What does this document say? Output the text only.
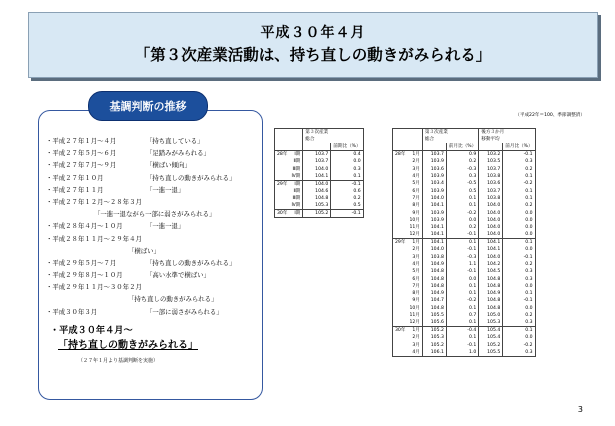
平成３０年４月
「第３次産業活動は、持ち直しの動きがみられる」
基調判断の推移
・平成２７年１月～４月	「持ち直している」
・平成２７年５月～６月	「足踏みがみられる」
・平成２７年７月～９月	「横ばい傾向」
・平成２７年１０月	「持ち直しの動きがみられる」
・平成２７年１１月	「一進一退」
・平成２７年１２月～２８年３月
「一進一退ながら一部に弱さがみられる」
・平成２８年４月～１０月	「一進一退」
・平成２８年１１月～２９年４月
「横ばい」
・平成２９年５月～７月	「持ち直しの動きがみられる」
・平成２９年８月～１０月	「高い水準で横ばい」
・平成２９年１１月～３０年２月
「持ち直しの動きがみられる」
・平成３０年３月	「一部に弱さがみられる」
・平成３０年４月～
「持ち直しの動きがみられる」
（２７年１月より基調判断を実施）
（平成22年＝100、季節調整済）
		第３次産業		
		総合		
			前期比（%）	
28年	Ⅰ期	103.7		0.4
	Ⅱ期	103.7		0.0
	Ⅲ期	104.0		0.3
	Ⅳ期	104.1		0.1
29年	Ⅰ期	104.0		-0.1
	Ⅱ期	104.6		0.6
	Ⅲ期	104.8		0.2
	Ⅳ期	105.3		0.5
30年	Ⅰ期	105.2		-0.1
		第３次産業			後方３か月		
		総合			移動平均		
			前月比（%）			前月比（%）	
28年	1月	103.7		0.9	103.2		-0.1
	2月	103.9		0.2	103.5		0.3
	3月	103.6		-0.3	103.7		0.2
	4月	103.9		0.3	103.8		0.1
	5月	103.4		-0.5	103.6		-0.2
	6月	103.9		0.5	103.7		0.1
	7月	104.0		0.1	103.8		0.1
	8月	104.1		0.1	104.0		0.2
	9月	103.9		-0.2	104.0		0.0
	10月	103.9		0.0	104.0		0.0
	11月	104.1		0.2	104.0		0.0
	12月	104.1		-0.1	104.0		0.0
29年	1月	104.1		0.1	104.1		0.1
	2月	104.0		-0.1	104.1		0.0
	3月	103.8		-0.3	104.0		-0.1
	4月	104.9		1.1	104.2		0.2
	5月	104.8		-0.1	104.5		0.3
	6月	104.8		0.0	104.8		0.3
	7月	104.8		0.1	104.8		0.0
	8月	104.9		0.1	104.9		0.1
	9月	104.7		-0.2	104.8		-0.1
	10月	104.8		0.1	104.8		0.0
	11月	105.5		0.7	105.0		0.2
	12月	105.6		0.1	105.3		0.3
30年	1月	105.2		-0.4	105.4		0.1
	2月	105.3		0.1	105.4		0.0
	3月	105.2		-0.1	105.2		-0.2
	4月	106.1		1.0	105.5		0.3
3
